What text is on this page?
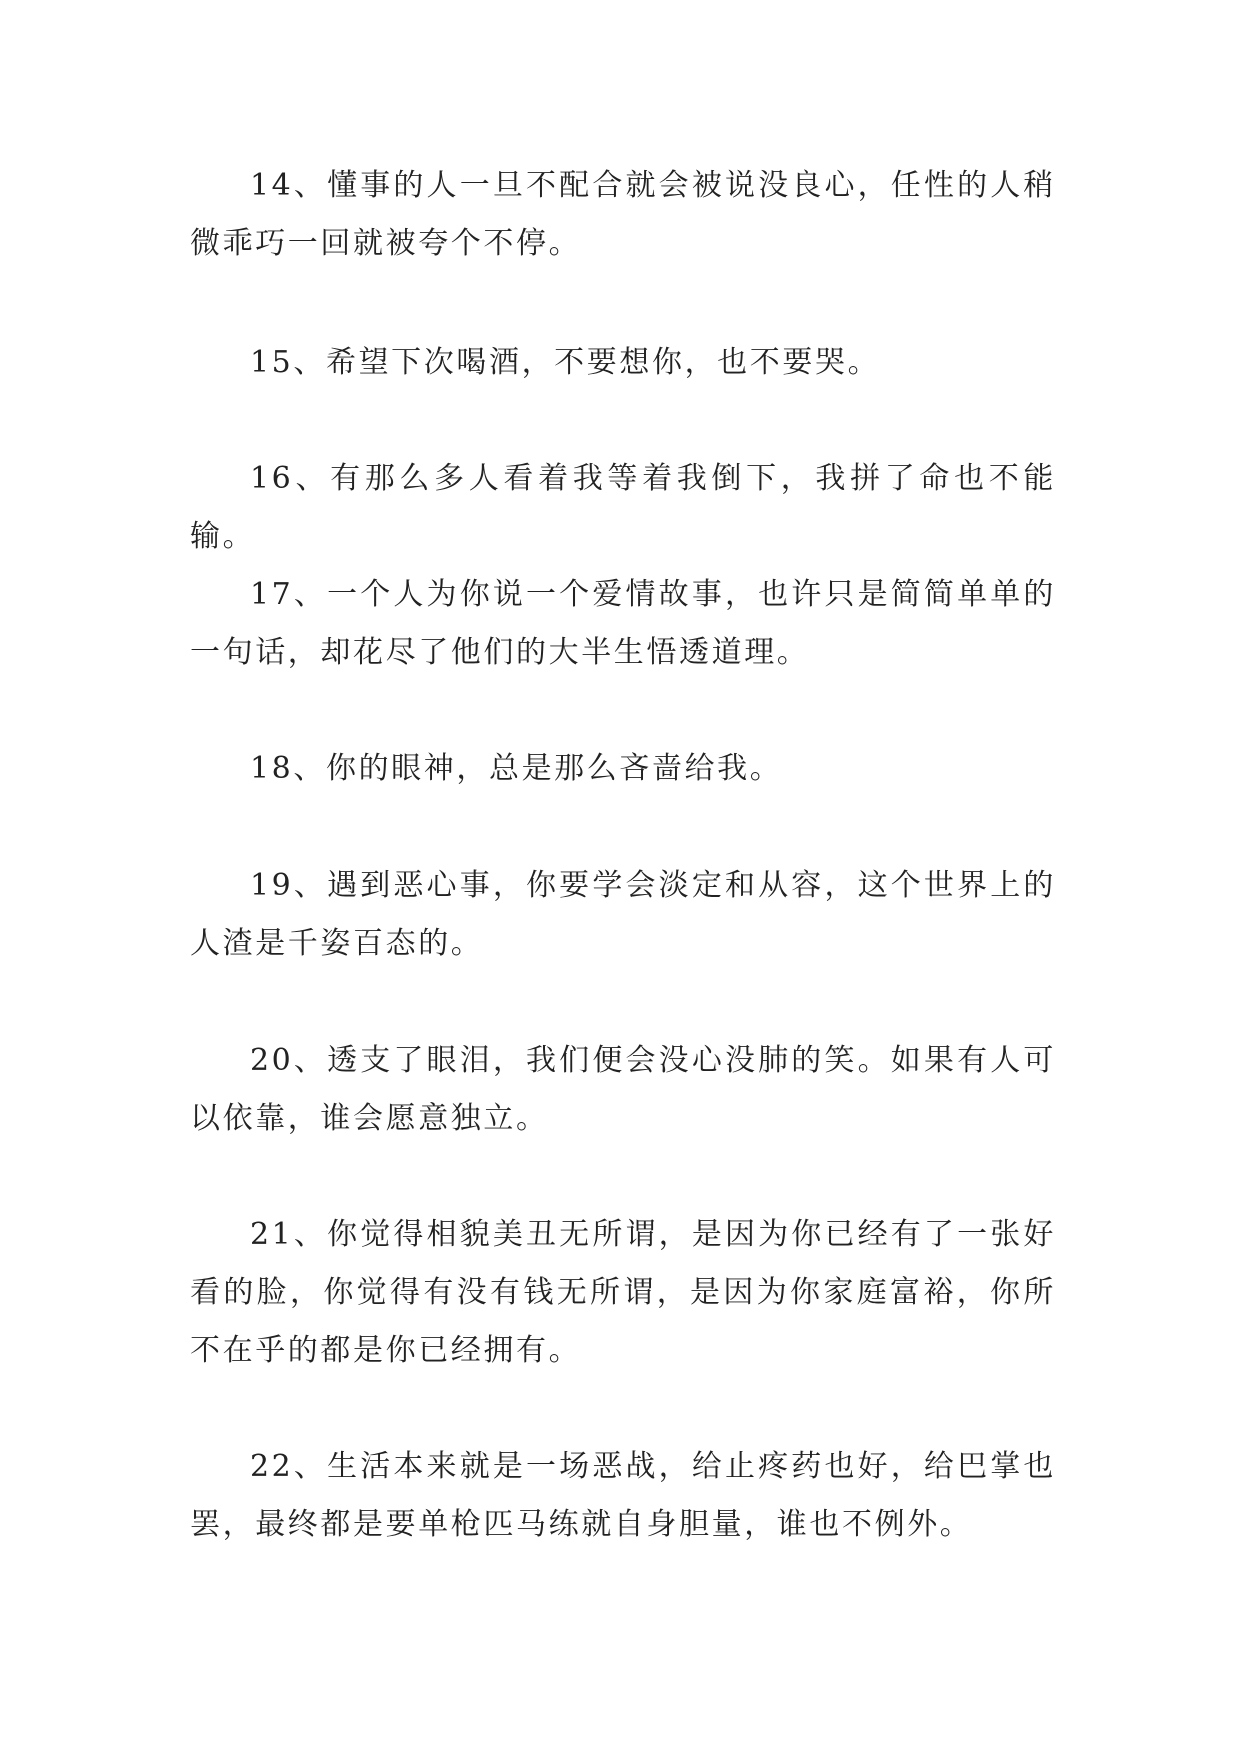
14、懂事的人一旦不配合就会被说没良心，任性的人稍微乖巧一回就被夸个不停。

15、希望下次喝酒，不要想你，也不要哭。

16、有那么多人看着我等着我倒下，我拼了命也不能输。

17、一个人为你说一个爱情故事，也许只是简简单单的一句话，却花尽了他们的大半生悟透道理。

18、你的眼神，总是那么吝啬给我。

19、遇到恶心事，你要学会淡定和从容，这个世界上的人渣是千姿百态的。

20、透支了眼泪，我们便会没心没肺的笑。如果有人可以依靠，谁会愿意独立。

21、你觉得相貌美丑无所谓，是因为你已经有了一张好看的脸，你觉得有没有钱无所谓，是因为你家庭富裕，你所不在乎的都是你已经拥有。

22、生活本来就是一场恶战，给止疼药也好，给巴掌也罢，最终都是要单枪匹马练就自身胆量，谁也不例外。
